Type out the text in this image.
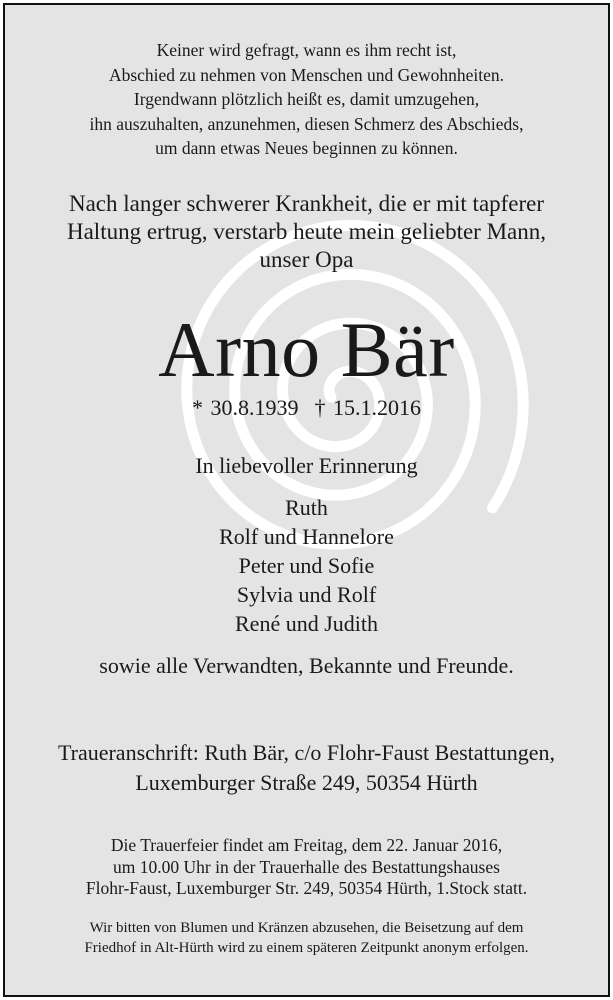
Keiner wird gefragt, wann es ihm recht ist,
Abschied zu nehmen von Menschen und Gewohnheiten.
Irgendwann plötzlich heißt es, damit umzugehen,
ihn auszuhalten, anzunehmen, diesen Schmerz des Abschieds,
um dann etwas Neues beginnen zu können.
Nach langer schwerer Krankheit, die er mit tapferer
Haltung ertrug, verstarb heute mein geliebter Mann,
unser Opa
Arno Bär
* 30.8.1939 † 15.1.2016
In liebevoller Erinnerung
Ruth
Rolf und Hannelore
Peter und Sofie
Sylvia und Rolf
René und Judith
sowie alle Verwandten, Bekannte und Freunde.
Traueranschrift: Ruth Bär, c/o Flohr-Faust Bestattungen,
Luxemburger Straße 249, 50354 Hürth
Die Trauerfeier findet am Freitag, dem 22. Januar 2016,
um 10.00 Uhr in der Trauerhalle des Bestattungshauses
Flohr-Faust, Luxemburger Str. 249, 50354 Hürth, 1.Stock statt.
Wir bitten von Blumen und Kränzen abzusehen, die Beisetzung auf dem
Friedhof in Alt-Hürth wird zu einem späteren Zeitpunkt anonym erfolgen.
